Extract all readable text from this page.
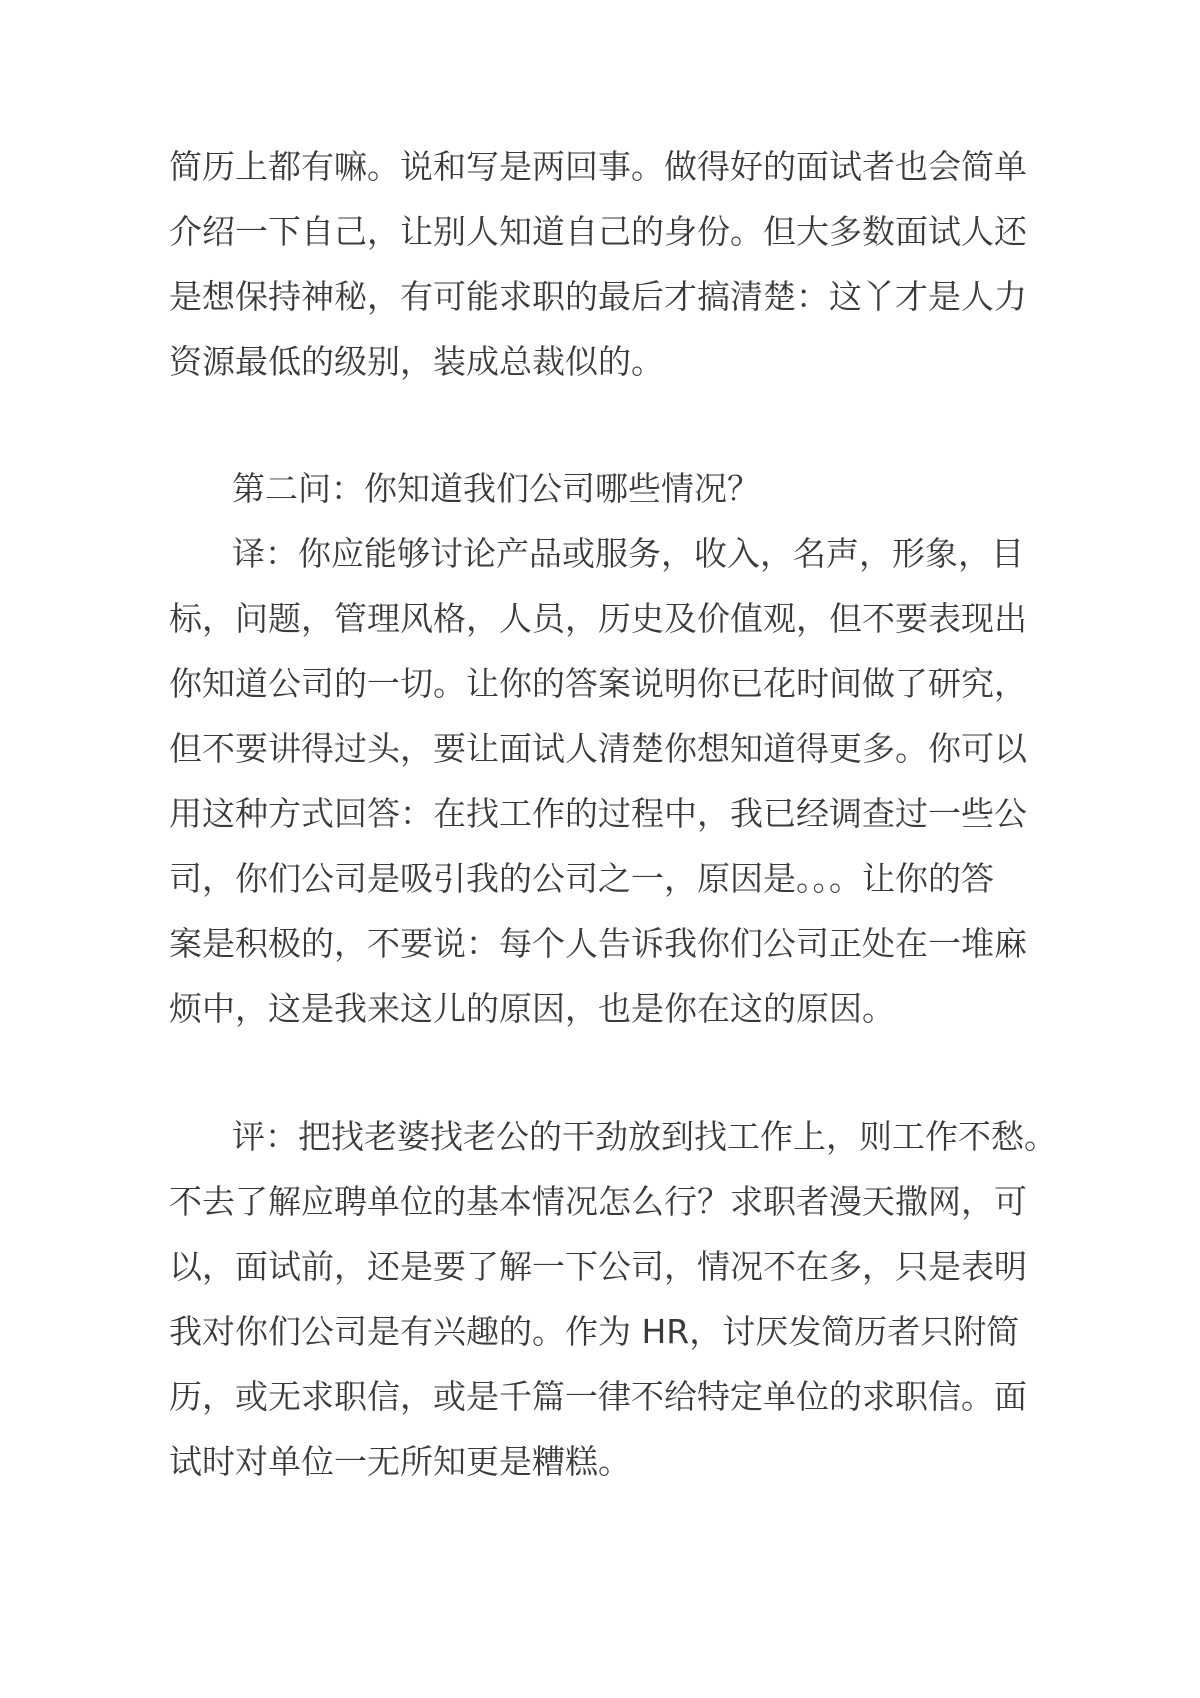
简历上都有嘛。说和写是两回事。做得好的面试者也会简单
介绍一下自己，让别人知道自己的身份。但大多数面试人还
是想保持神秘，有可能求职的最后才搞清楚：这丫才是人力
资源最低的级别，装成总裁似的。
第二问：你知道我们公司哪些情况？
译：你应能够讨论产品或服务，收入，名声，形象，目
标，问题，管理风格，人员，历史及价值观，但不要表现出
你知道公司的一切。让你的答案说明你已花时间做了研究，
但不要讲得过头，要让面试人清楚你想知道得更多。你可以
用这种方式回答：在找工作的过程中，我已经调查过一些公
司，你们公司是吸引我的公司之一，原因是。。。让你的答
案是积极的，不要说：每个人告诉我你们公司正处在一堆麻
烦中，这是我来这儿的原因，也是你在这的原因。
评：把找老婆找老公的干劲放到找工作上，则工作不愁。
不去了解应聘单位的基本情况怎么行？求职者漫天撒网，可
以，面试前，还是要了解一下公司，情况不在多，只是表明
我对你们公司是有兴趣的。作为 HR，讨厌发简历者只附简
历，或无求职信，或是千篇一律不给特定单位的求职信。面
试时对单位一无所知更是糟糕。
